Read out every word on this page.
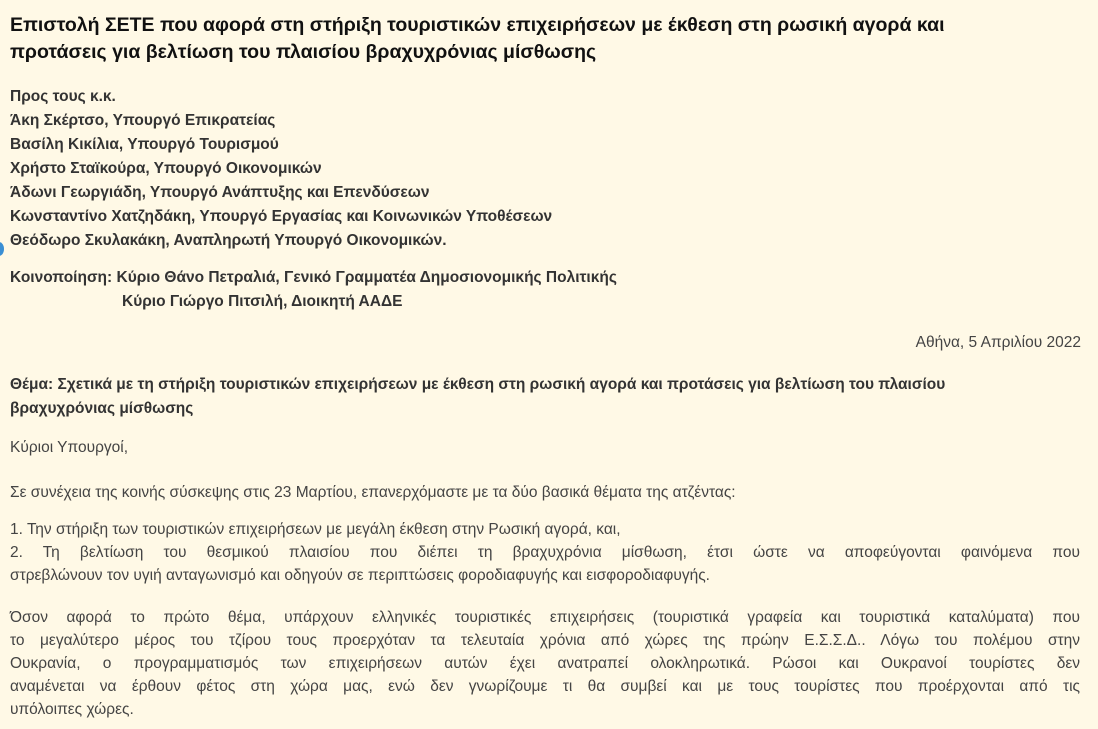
Επιστολή ΣΕΤΕ που αφορά στη στήριξη τουριστικών επιχειρήσεων με έκθεση στη ρωσική αγορά και
προτάσεις για βελτίωση του πλαισίου βραχυχρόνιας μίσθωσης
Προς τους κ.κ.
Άκη Σκέρτσο, Υπουργό Επικρατείας
Βασίλη Κικίλια, Υπουργό Τουρισμού
Χρήστο Σταϊκούρα, Υπουργό Οικονομικών
Άδωνι Γεωργιάδη, Υπουργό Ανάπτυξης και Επενδύσεων
Κωνσταντίνο Χατζηδάκη, Υπουργό Εργασίας και Κοινωνικών Υποθέσεων
Θεόδωρο Σκυλακάκη, Αναπληρωτή Υπουργό Οικονομικών.
Κοινοποίηση: Κύριο Θάνο Πετραλιά, Γενικό Γραμματέα Δημοσιονομικής Πολιτικής
Κύριο Γιώργο Πιτσιλή, Διοικητή ΑΑΔΕ
Αθήνα, 5 Απριλίου 2022
Θέμα: Σχετικά με τη στήριξη τουριστικών επιχειρήσεων με έκθεση στη ρωσική αγορά και προτάσεις για βελτίωση του πλαισίου
βραχυχρόνιας μίσθωσης
Κύριοι Υπουργοί,
Σε συνέχεια της κοινής σύσκεψης στις 23 Μαρτίου, επανερχόμαστε με τα δύο βασικά θέματα της ατζέντας:
1. Την στήριξη των τουριστικών επιχειρήσεων με μεγάλη έκθεση στην Ρωσική αγορά, και,
2. Τη βελτίωση του θεσμικού πλαισίου που διέπει τη βραχυχρόνια μίσθωση, έτσι ώστε να αποφεύγονται φαινόμενα που
στρεβλώνουν τον υγιή ανταγωνισμό και οδηγούν σε περιπτώσεις φοροδιαφυγής και εισφοροδιαφυγής.
Όσον αφορά το πρώτο θέμα, υπάρχουν ελληνικές τουριστικές επιχειρήσεις (τουριστικά γραφεία και τουριστικά καταλύματα) που
το μεγαλύτερο μέρος του τζίρου τους προερχόταν τα τελευταία χρόνια από χώρες της πρώην Ε.Σ.Σ.Δ.. Λόγω του πολέμου στην
Ουκρανία, ο προγραμματισμός των επιχειρήσεων αυτών έχει ανατραπεί ολοκληρωτικά. Ρώσοι και Ουκρανοί τουρίστες δεν
αναμένεται να έρθουν φέτος στη χώρα μας, ενώ δεν γνωρίζουμε τι θα συμβεί και με τους τουρίστες που προέρχονται από τις
υπόλοιπες χώρες.
